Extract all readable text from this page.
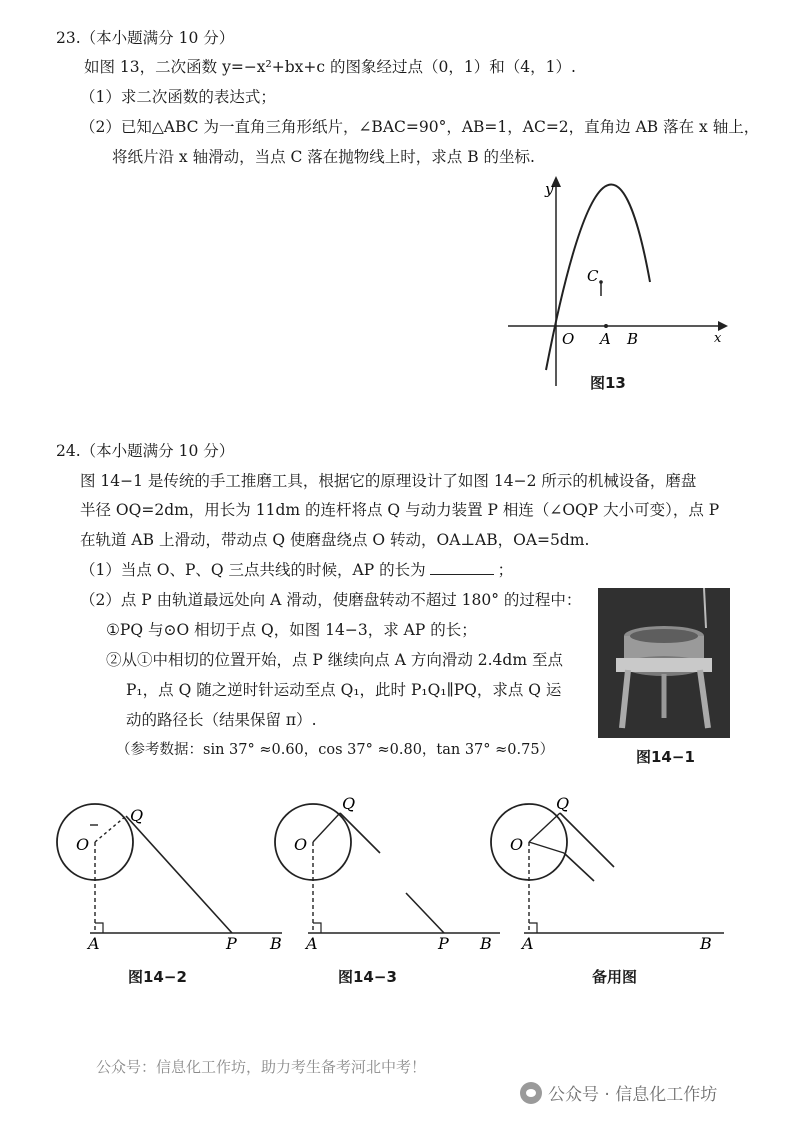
23.（本小题满分 10 分）
如图 13，二次函数 y=−x²+bx+c 的图象经过点（0，1）和（4，1）.
（1）求二次函数的表达式；
（2）已知△ABC 为一直角三角形纸片，∠BAC=90°，AB=1，AC=2，直角边 AB 落在 x 轴上，
将纸片沿 x 轴滑动，当点 C 落在抛物线上时，求点 B 的坐标.
C
y
O A B	x
图13
24.（本小题满分 10 分）
图 14−1 是传统的手工推磨工具，根据它的原理设计了如图 14−2 所示的机械设备，磨盘
半径 OQ=2dm，用长为 11dm 的连杆将点 Q 与动力装置 P 相连（∠OQP 大小可变），点 P
在轨道 AB 上滑动，带动点 Q 使磨盘绕点 O 转动，OA⊥AB，OA=5dm.
（1）当点 O、P、Q 三点共线的时候，AP 的长为	；
（2）点 P 由轨道最远处向 A 滑动，使磨盘转动不超过 180° 的过程中：
①PQ 与⊙O 相切于点 Q，如图 14−3，求 AP 的长；
②从①中相切的位置开始，点 P 继续向点 A 方向滑动 2.4dm 至点
P₁，点 Q 随之逆时针运动至点 Q₁，此时 P₁Q₁∥PQ，求点 Q 运
动的路径长（结果保留 π）.
（参考数据：sin 37° ≈0.60，cos 37° ≈0.80，tan 37° ≈0.75）	图14−1
O
Q
A	P B
图14−2
O
Q
A	P B
图14−3
O
Q
A	B
备用图
公众号：信息化工作坊，助力考生备考河北中考！
公众号 · 信息化工作坊
